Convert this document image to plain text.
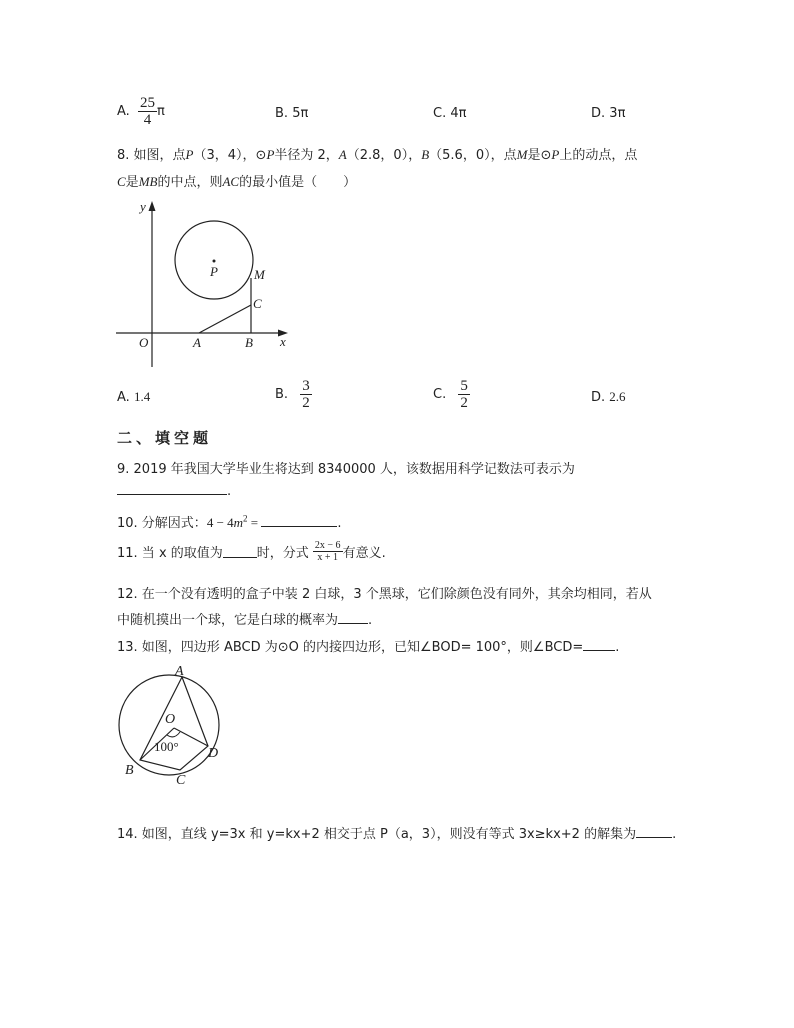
A. $\frac{25}{4}$ π	B. 5π	C. 4π	D. 3π
8. 如图，点P（3，4），⊙P半径为 2，A（2.8，0），B（5.6，0），点M是⊙P上的动点，点
C是MB的中点，则AC的最小值是（　　）
y
x
O	A	B
P	M
C
A. 1.4	B. $\frac{3}{2}$	C. $\frac{5}{2}$	D. 2.6
二、填空题
9. 2019 年我国大学毕业生将达到 8340000 人，该数据用科学记数法可表示为
.
10. 分解因式：$4 - 4m^2$ =	.
11. 当 x 的取值为	时，分式 $\frac{2x - 6}{x + 1}$ 有意义.
12. 在一个没有透明的盒子中装 2 白球，3 个黑球，它们除颜色没有同外，其余均相同，若从
中随机摸出一个球，它是白球的概率为 .
13. 如图，四边形 ABCD 为⊙O 的内接四边形，已知∠BOD= 100°，则∠BCD= .
A
O
100°
B
C
D
14. 如图，直线 y=3x 和 y=kx+2 相交于点 P（a，3），则没有等式 3x≥kx+2 的解集为	.
